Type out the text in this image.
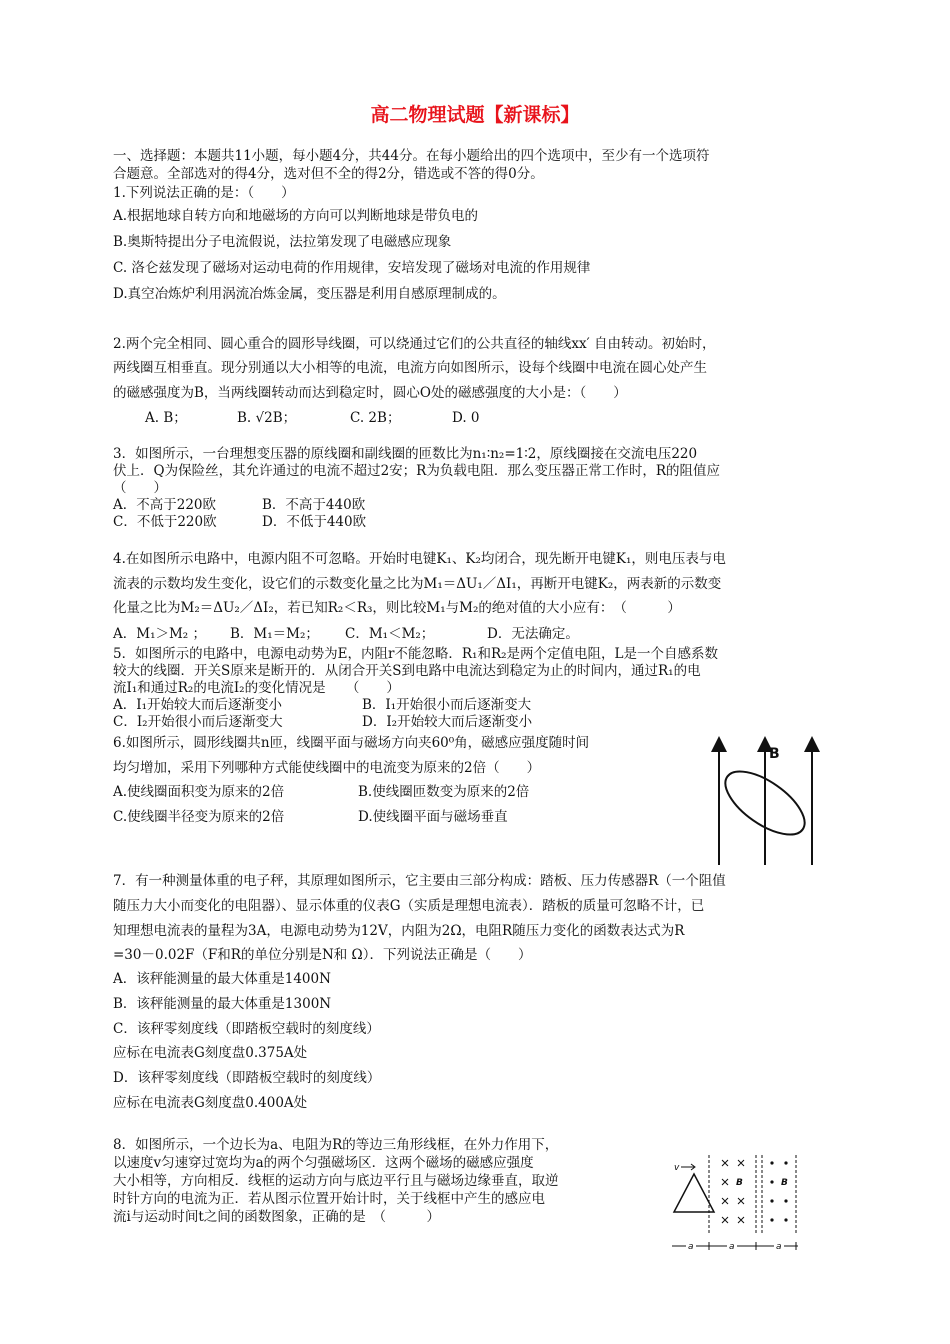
高二物理试题【新课标】
一、选择题：本题共11小题，每小题4分，共44分。在每小题给出的四个选项中，至少有一个选项符
合题意。全部选对的得4分，选对但不全的得2分，错选或不答的得0分。
1.下列说法正确的是：（　　）
A.根据地球自转方向和地磁场的方向可以判断地球是带负电的
B.奥斯特提出分子电流假说，法拉第发现了电磁感应现象
C. 洛仑兹发现了磁场对运动电荷的作用规律，安培发现了磁场对电流的作用规律
D.真空冶炼炉利用涡流冶炼金属，变压器是利用自感原理制成的。
2.两个完全相同、圆心重合的圆形导线圈，可以绕通过它们的公共直径的轴线xx′ 自由转动。初始时，
两线圈互相垂直。现分别通以大小相等的电流，电流方向如图所示，设每个线圈中电流在圆心处产生
的磁感强度为B，当两线圈转动而达到稳定时，圆心O处的磁感强度的大小是：（　　）
A. B；	B. √2B；	C. 2B；	D. 0
3．如图所示，一台理想变压器的原线圈和副线圈的匝数比为n₁∶n₂=1∶2，原线圈接在交流电压220
伏上．Q为保险丝，其允许通过的电流不超过2安；R为负载电阻．那么变压器正常工作时，R的阻值应
（　　）
A．不高于220欧	B．不高于440欧
C．不低于220欧	D．不低于440欧
4.在如图所示电路中，电源内阻不可忽略。开始时电键K₁、K₂均闭合，现先断开电键K₁，则电压表与电
流表的示数均发生变化，设它们的示数变化量之比为M₁＝ΔU₁／ΔI₁，再断开电键K₂，两表新的示数变
化量之比为M₂＝ΔU₂／ΔI₂，若已知R₂＜R₃，则比较M₁与M₂的绝对值的大小应有：　（　　　）
A．M₁＞M₂ ； B．M₁＝M₂； C．M₁＜M₂；	D．无法确定。
5．如图所示的电路中，电源电动势为E，内阻r不能忽略．R₁和R₂是两个定值电阻，L是一个自感系数
较大的线圈．开关S原来是断开的．从闭合开关S到电路中电流达到稳定为止的时间内，通过R₁的电
流I₁和通过R₂的电流I₂的变化情况是　　（　　）
A．I₁开始较大而后逐渐变小	B．I₁开始很小而后逐渐变大
C．I₂开始很小而后逐渐变大	D．I₂开始较大而后逐渐变小
6.如图所示，圆形线圈共n匝，线圈平面与磁场方向夹60⁰角，磁感应强度随时间
均匀增加，采用下列哪种方式能使线圈中的电流变为原来的2倍（　　）
A.使线圈面积变为原来的2倍	B.使线圈匝数变为原来的2倍
C.使线圈半径变为原来的2倍	D.使线圈平面与磁场垂直
B
7．有一种测量体重的电子秤，其原理如图所示，它主要由三部分构成：踏板、压力传感器R（一个阻值
随压力大小而变化的电阻器）、显示体重的仪表G（实质是理想电流表）．踏板的质量可忽略不计，已
知理想电流表的量程为3A，电源电动势为12V，内阻为2Ω，电阻R随压力变化的函数表达式为R
=30－0.02F（F和R的单位分别是N和 Ω）．下列说法正确是（　　）
A．该秤能测量的最大体重是1400N
B．该秤能测量的最大体重是1300N
C．该秤零刻度线（即踏板空载时的刻度线）
应标在电流表G刻度盘0.375A处
D．该秤零刻度线（即踏板空载时的刻度线）
应标在电流表G刻度盘0.400A处
8．如图所示，一个边长为a、电阻为R的等边三角形线框，在外力作用下，
以速度v匀速穿过宽均为a的两个匀强磁场区．这两个磁场的磁感应强度
大小相等，方向相反．线框的运动方向与底边平行且与磁场边缘垂直，取逆
时针方向的电流为正．若从图示位置开始计时，关于线框中产生的感应电
流i与运动时间t之间的函数图象，正确的是　（　　　）
v
B	B
a	a	a
